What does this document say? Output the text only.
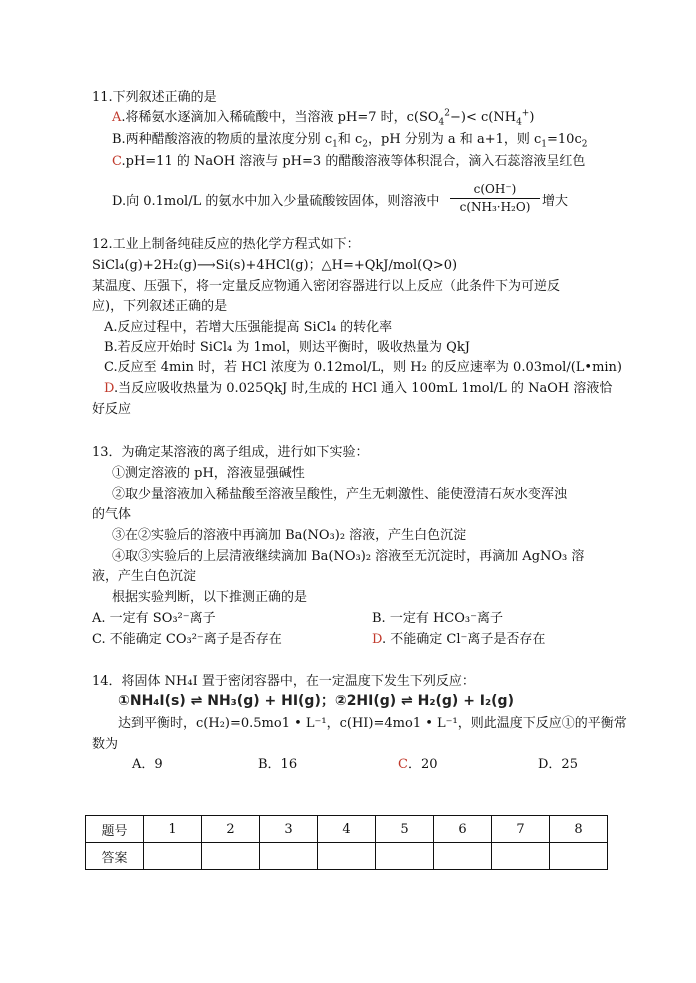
11.下列叙述正确的是
A.将稀氨水逐滴加入稀硫酸中，当溶液 pH=7 时，$c(SO_4^2-)< c(NH_4^+)$
B.两种醋酸溶液的物质的量浓度分别 $c_1$和 $c_2$，pH 分别为 a 和 a+1，则 $c_1=10c_2$
C.pH=11 的 NaOH 溶液与 pH=3 的醋酸溶液等体积混合，滴入石蕊溶液呈红色
D.向 0.1mol/L 的氨水中加入少量硫酸铵固体，则溶液中
c(OH⁻)
c(NH₃·H₂O) 增大
12.工业上制备纯硅反应的热化学方程式如下：
SiCl₄(g)+2H₂(g)⟶Si(s)+4HCl(g)；△H=+QkJ/mol(Q>0)
某温度、压强下，将一定量反应物通入密闭容器进行以上反应（此条件下为可逆反
应)，下列叙述正确的是
A.反应过程中，若增大压强能提高 SiCl₄ 的转化率
B.若反应开始时 SiCl₄ 为 1mol，则达平衡时，吸收热量为 QkJ
C.反应至 4min 时，若 HCl 浓度为 0.12mol/L，则 H₂ 的反应速率为 0.03mol/(L•min)
D.当反应吸收热量为 0.025QkJ 时,生成的 HCl 通入 100mL 1mol/L 的 NaOH 溶液恰
好反应
13．为确定某溶液的离子组成，进行如下实验：
①测定溶液的 pH，溶液显强碱性
②取少量溶液加入稀盐酸至溶液呈酸性，产生无刺激性、能使澄清石灰水变浑浊
的气体
③在②实验后的溶液中再滴加 Ba(NO₃)₂ 溶液，产生白色沉淀
④取③实验后的上层清液继续滴加 Ba(NO₃)₂ 溶液至无沉淀时，再滴加 AgNO₃ 溶
液，产生白色沉淀
根据实验判断，以下推测正确的是
A. 一定有 SO₃²⁻离子	B. 一定有 HCO₃⁻离子
C. 不能确定 CO₃²⁻离子是否存在	D. 不能确定 Cl⁻离子是否存在
14．将固体 NH₄I 置于密闭容器中，在一定温度下发生下列反应：
①NH₄I(s) ⇌ NH₃(g) + HI(g)；②2HI(g) ⇌ H₂(g) + I₂(g)
达到平衡时，c(H₂)=0.5mo1 • L⁻¹，c(HI)=4mo1 • L⁻¹，则此温度下反应①的平衡常
数为
A．9	B．16	C．20	D．25
题号	1	2	3	4	5	6	7	8
答案								
